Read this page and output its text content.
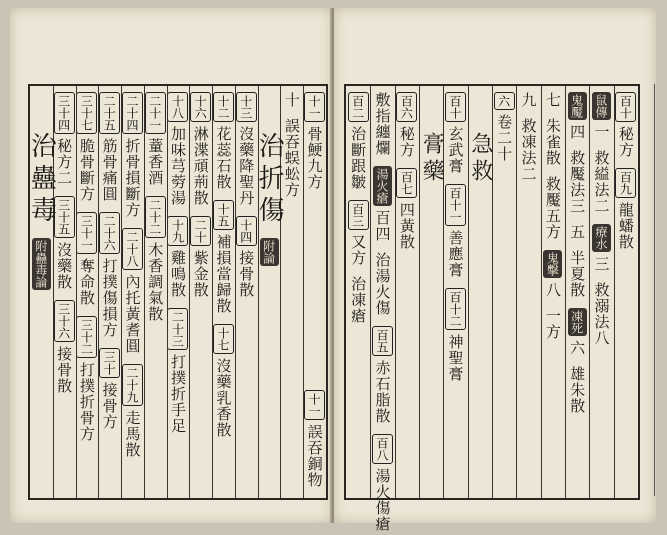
十一
骨鯁九方
十一
誤吞銅物
十
誤吞蜈蚣方
治折傷
附論
十三
沒藥降聖丹
十四
接骨散
十二
花蕊石散
十五
補損當歸散
十七
沒藥乳香散
十六
淋渫頑荊散
二十
紫金散
十八
加味芎䓖湯
十九
雞鳴散
二十三
打撲折手足
二十一
蕫香酒
二十二
木香調氣散
二十四
折骨損斷方
二十八
內托黃耆圓
二十九
走馬散
二十五
筋骨痛圓
二十六
打撲傷損方
三十
接骨方
三十七
脆骨斷方
三十一
奪命散
三十二
打撲折骨方
三十四
秘方二
三十五
沒藥散
三十六
接骨散
治蠱毒
附蠱毒論
百十
秘方
百九
龍蟠散
鼠傳
一
救縊法二
療水
三
救溺法八
鬼魘
四
救魘法三
五
半夏散
凍死
六
雄朱散
七
朱雀散
救魘五方
鬼擊
八
一方
九
救凍法二
六
卷二十
急救
百十
玄武膏
百十一
善應膏
百十二
神聖膏
膏藥
百六
秘方
百七
四黃散
敷指纏爛
湯火瘡
百四
治湯火傷
百五
赤石脂散
百八
湯火傷瘡
百二
治斷跟皺
百三
又方
治凍瘡
